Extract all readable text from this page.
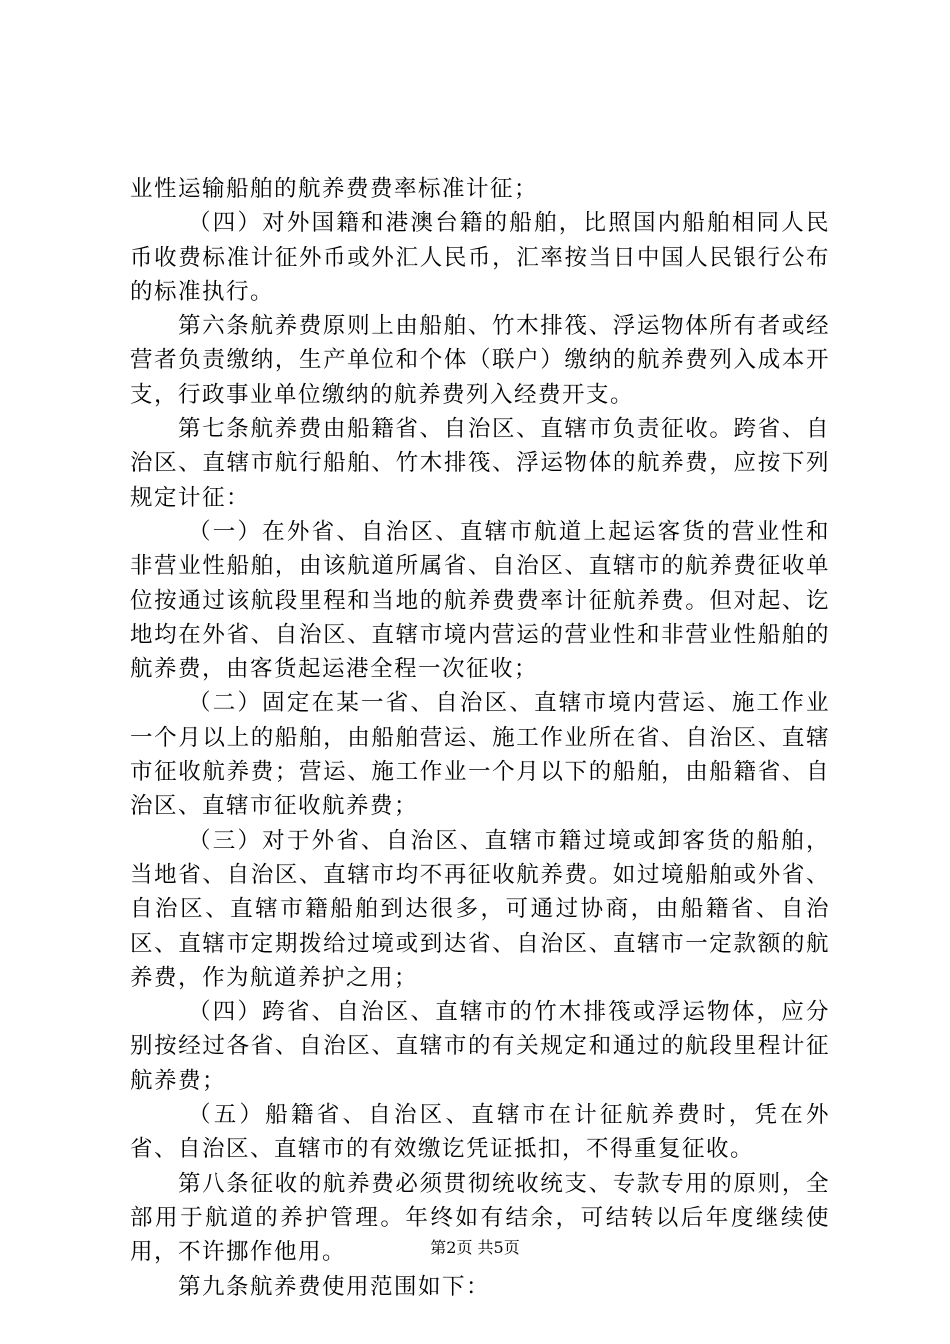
业性运输船舶的航养费费率标准计征；

（四）对外国籍和港澳台籍的船舶，比照国内船舶相同人民币收费标准计征外币或外汇人民币，汇率按当日中国人民银行公布的标准执行。

第六条航养费原则上由船舶、竹木排筏、浮运物体所有者或经营者负责缴纳，生产单位和个体（联户）缴纳的航养费列入成本开支，行政事业单位缴纳的航养费列入经费开支。

第七条航养费由船籍省、自治区、直辖市负责征收。跨省、自治区、直辖市航行船舶、竹木排筏、浮运物体的航养费，应按下列规定计征：

（一）在外省、自治区、直辖市航道上起运客货的营业性和非营业性船舶，由该航道所属省、自治区、直辖市的航养费征收单位按通过该航段里程和当地的航养费费率计征航养费。但对起、讫地均在外省、自治区、直辖市境内营运的营业性和非营业性船舶的航养费，由客货起运港全程一次征收；

（二）固定在某一省、自治区、直辖市境内营运、施工作业一个月以上的船舶，由船舶营运、施工作业所在省、自治区、直辖市征收航养费；营运、施工作业一个月以下的船舶，由船籍省、自治区、直辖市征收航养费；

（三）对于外省、自治区、直辖市籍过境或卸客货的船舶，当地省、自治区、直辖市均不再征收航养费。如过境船舶或外省、自治区、直辖市籍船舶到达很多，可通过协商，由船籍省、自治区、直辖市定期拨给过境或到达省、自治区、直辖市一定款额的航养费，作为航道养护之用；

（四）跨省、自治区、直辖市的竹木排筏或浮运物体，应分别按经过各省、自治区、直辖市的有关规定和通过的航段里程计征航养费；

（五）船籍省、自治区、直辖市在计征航养费时，凭在外省、自治区、直辖市的有效缴讫凭证抵扣，不得重复征收。

第八条征收的航养费必须贯彻统收统支、专款专用的原则，全部用于航道的养护管理。年终如有结余，可结转以后年度继续使用，不许挪作他用。

第九条航养费使用范围如下：

第2页 共5页
